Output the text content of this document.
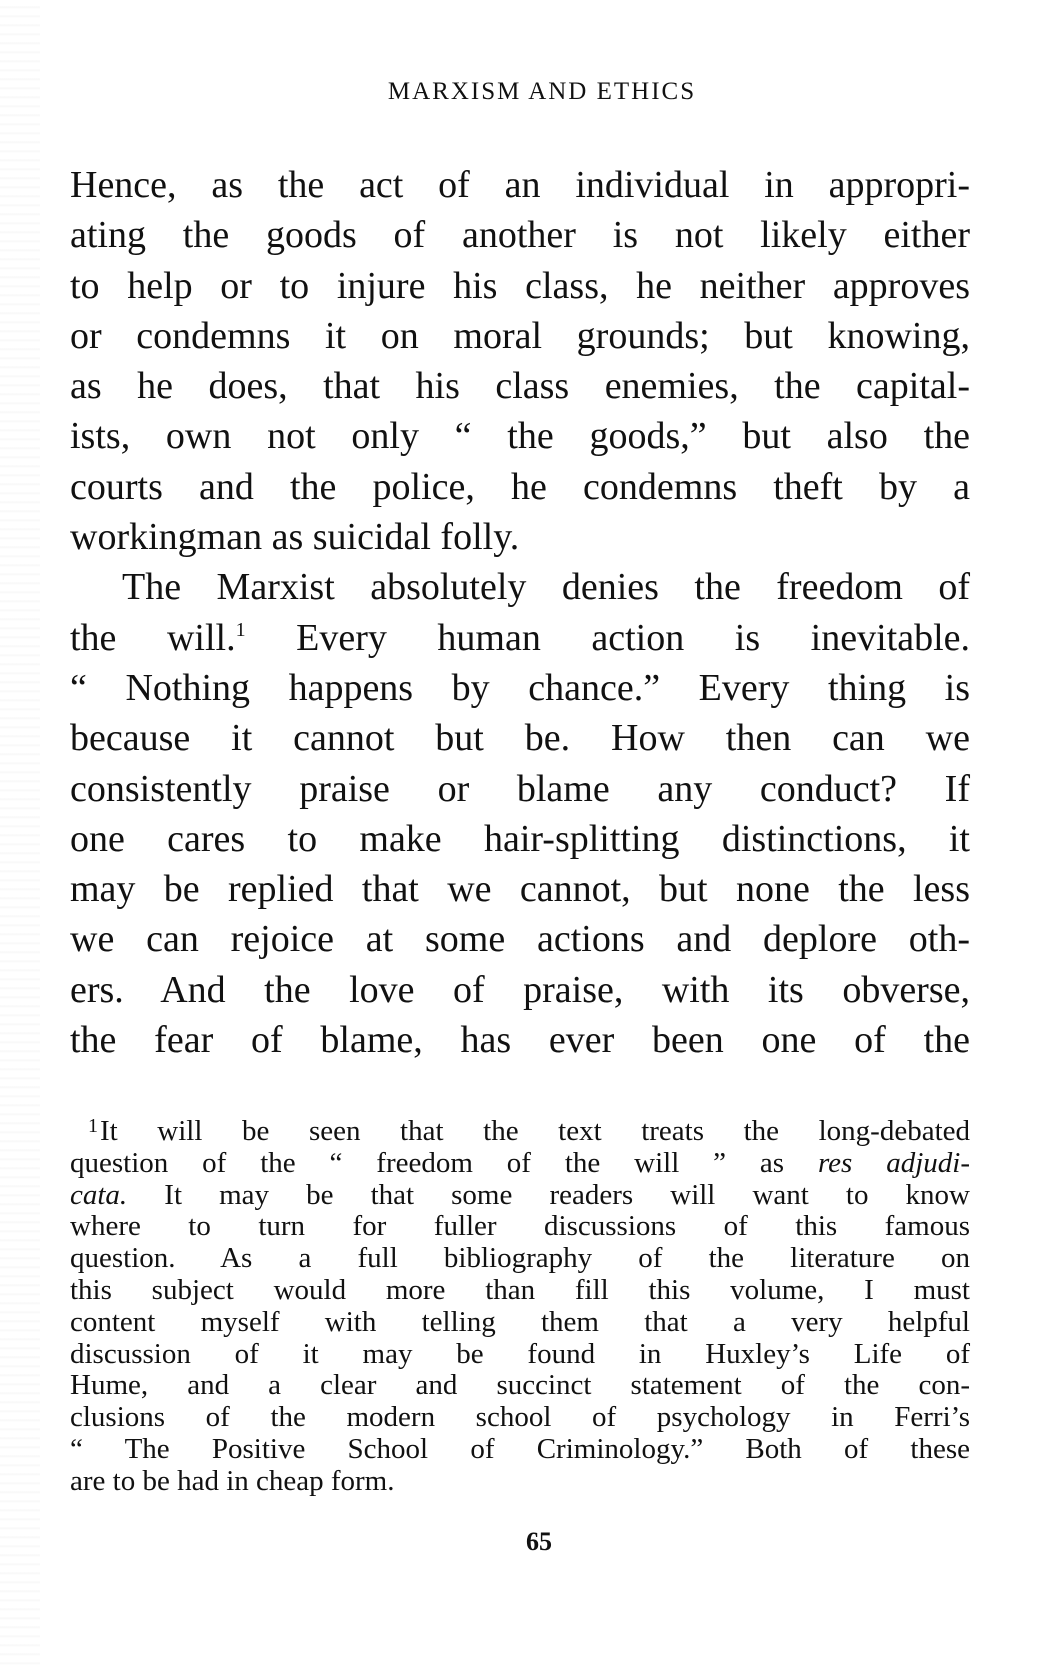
MARXISM AND ETHICS
Hence, as the act of an individual in appropri-
ating the goods of another is not likely either
to help or to injure his class, he neither approves
or condemns it on moral grounds; but knowing,
as he does, that his class enemies, the capital-
ists, own not only “ the goods,” but also the
courts and the police, he condemns theft by a
workingman as suicidal folly.
The Marxist absolutely denies the freedom of
the will.$^1$ Every human action is inevitable.
“ Nothing happens by chance.” Every thing is
because it cannot but be. How then can we
consistently praise or blame any conduct? If
one cares to make hair-splitting distinctions, it
may be replied that we cannot, but none the less
we can rejoice at some actions and deplore oth-
ers. And the love of praise, with its obverse,
the fear of blame, has ever been one of the
$^1$It will be seen that the text treats the long-debated
question of the “ freedom of the will ” as res adjudi-
cata. It may be that some readers will want to know
where to turn for fuller discussions of this famous
question. As a full bibliography of the literature on
this subject would more than fill this volume, I must
content myself with telling them that a very helpful
discussion of it may be found in Huxley’s Life of
Hume, and a clear and succinct statement of the con-
clusions of the modern school of psychology in Ferri’s
“ The Positive School of Criminology.” Both of these
are to be had in cheap form.
65
